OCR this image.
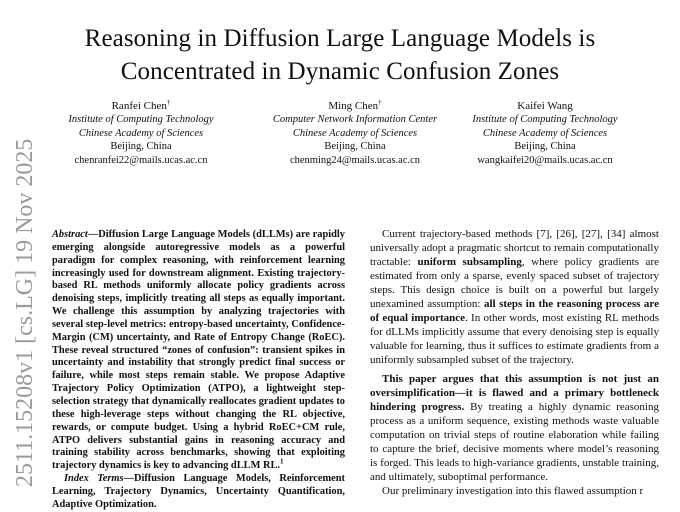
Reasoning in Diffusion Large Language Models is
Concentrated in Dynamic Confusion Zones
Ranfei Chen†
Institute of Computing Technology
Chinese Academy of Sciences
Beijing, China
chenranfei22@mails.ucas.ac.cn
Ming Chen†
Computer Network Information Center
Chinese Academy of Sciences
Beijing, China
chenming24@mails.ucas.ac.cn
Kaifei Wang
Institute of Computing Technology
Chinese Academy of Sciences
Beijing, China
wangkaifei20@mails.ucas.ac.cn
2511.15208v1 [cs.LG] 19 Nov 2025 Abstract—Diffusion Large Language Models (dLLMs) are rapidly emerging alongside autoregressive models as a powerful paradigm for complex reasoning, with reinforcement learning increasingly used for downstream alignment. Existing trajectory-based RL methods uniformly allocate policy gradients across denoising steps, implicitly treating all steps as equally important. We challenge this assumption by analyzing trajectories with several step-level metrics: entropy-based uncertainty, Confidence-Margin (CM) uncertainty, and Rate of Entropy Change (RoEC). These reveal structured “zones of confusion”: transient spikes in uncertainty and instability that strongly predict final success or failure, while most steps remain stable. We propose Adaptive Trajectory Policy Optimization (ATPO), a lightweight step-selection strategy that dynamically reallocates gradient updates to these high-leverage steps without changing the RL objective, rewards, or compute budget. Using a hybrid RoEC+CM rule, ATPO delivers substantial gains in reasoning accuracy and training stability across benchmarks, showing that exploiting trajectory dynamics is key to advancing dLLM RL.$^1$

Index Terms—Diffusion Language Models, Reinforcement Learning, Trajectory Dynamics, Uncertainty Quantification, Adaptive Optimization.

Current trajectory-based methods [7], [26], [27], [34] almost universally adopt a pragmatic shortcut to remain computationally tractable: uniform subsampling, where policy gradients are estimated from only a sparse, evenly spaced subset of trajectory steps. This design choice is built on a powerful but largely unexamined assumption: all steps in the reasoning process are of equal importance. In other words, most existing RL methods for dLLMs implicitly assume that every denoising step is equally valuable for learning, thus it suffices to estimate gradients from a uniformly subsampled subset of the trajectory.

This paper argues that this assumption is not just an oversimplification—it is flawed and a primary bottleneck hindering progress. By treating a highly dynamic reasoning process as a uniform sequence, existing methods waste valuable computation on trivial steps of routine elaboration while failing to capture the brief, decisive moments where model’s reasoning is forged. This leads to high-variance gradients, unstable training, and ultimately, suboptimal performance.

Our preliminary investigation into this flawed assumption r
